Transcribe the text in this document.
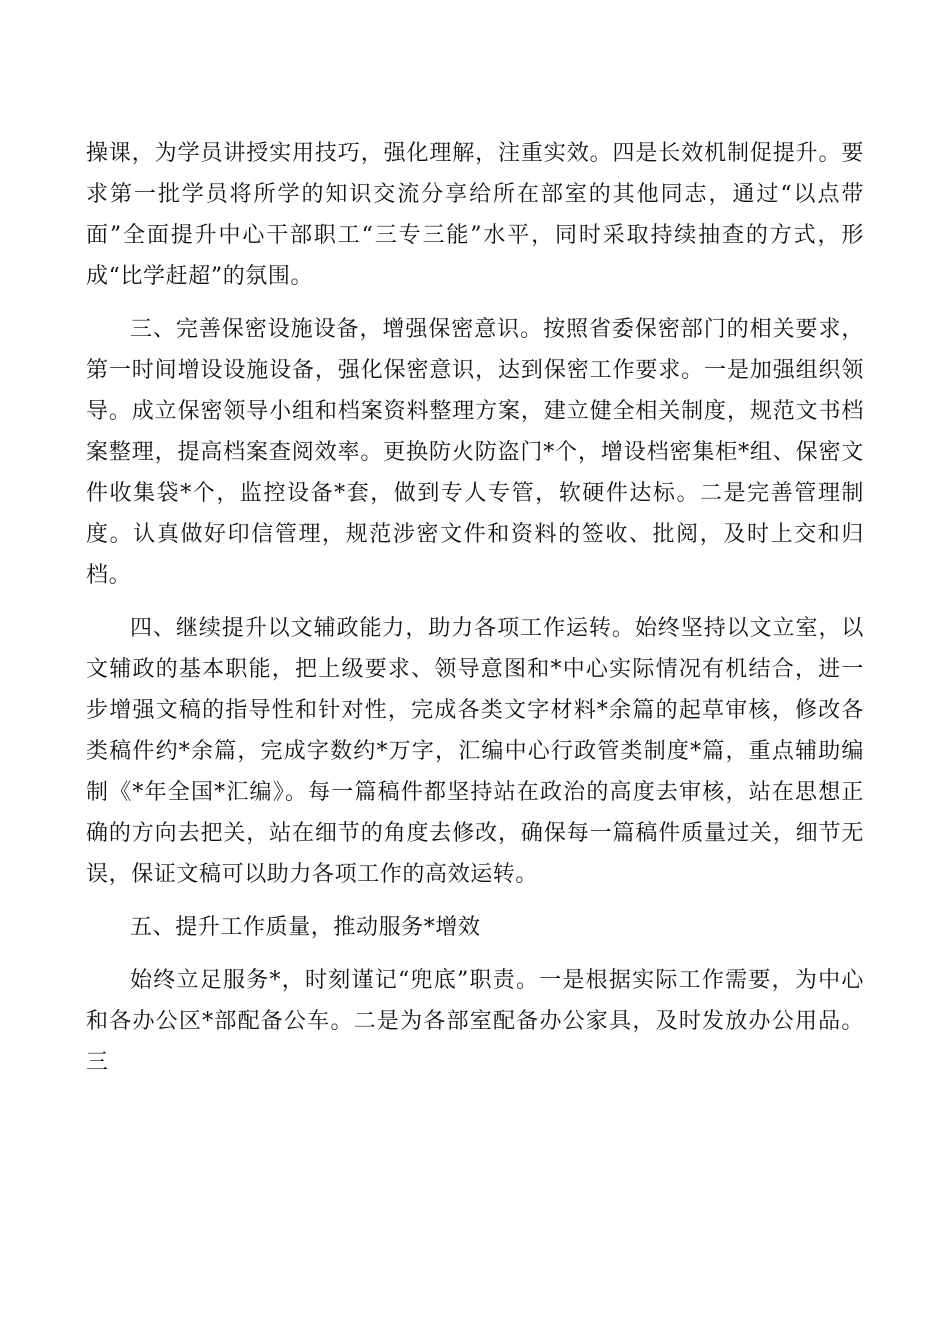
操课，为学员讲授实用技巧，强化理解，注重实效。四是长效机制促提升。要求第一批学员将所学的知识交流分享给所在部室的其他同志，通过“以点带面”全面提升中心干部职工“三专三能”水平，同时采取持续抽查的方式，形成“比学赶超”的氛围。

三、完善保密设施设备，增强保密意识。按照省委保密部门的相关要求，第一时间增设设施设备，强化保密意识，达到保密工作要求。一是加强组织领导。成立保密领导小组和档案资料整理方案，建立健全相关制度，规范文书档案整理，提高档案查阅效率。更换防火防盗门*个，增设档密集柜*组、保密文件收集袋*个，监控设备*套，做到专人专管，软硬件达标。二是完善管理制度。认真做好印信管理，规范涉密文件和资料的签收、批阅，及时上交和归档。

四、继续提升以文辅政能力，助力各项工作运转。始终坚持以文立室，以文辅政的基本职能，把上级要求、领导意图和*中心实际情况有机结合，进一步增强文稿的指导性和针对性，完成各类文字材料*余篇的起草审核，修改各类稿件约*余篇，完成字数约*万字，汇编中心行政管类制度*篇，重点辅助编制《*年全国*汇编》。每一篇稿件都坚持站在政治的高度去审核，站在思想正确的方向去把关，站在细节的角度去修改，确保每一篇稿件质量过关，细节无误，保证文稿可以助力各项工作的高效运转。

五、提升工作质量，推动服务*增效

始终立足服务*，时刻谨记“兜底”职责。一是根据实际工作需要，为中心和各办公区*部配备公车。二是为各部室配备办公家具，及时发放办公用品。三
